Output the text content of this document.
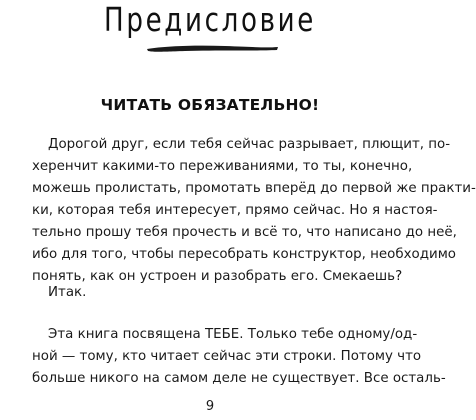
Предисловие
ЧИТАТЬ ОБЯЗАТЕЛЬНО!
Дорогой друг, если тебя сейчас разрывает, плющит, по-
херенчит какими-то переживаниями, то ты, конечно,
можешь пролистать, промотать вперёд до первой же практи-
ки, которая тебя интересует, прямо сейчас. Но я настоя-
тельно прошу тебя прочесть и всё то, что написано до неё,
ибо для того, чтобы пересобрать конструктор, необходимо
понять, как он устроен и разобрать его. Смекаешь?
Итак.
Эта книга посвящена ТЕБЕ. Только тебе одному/од-
ной — тому, кто читает сейчас эти строки. Потому что
больше никого на самом деле не существует. Все осталь-
9
